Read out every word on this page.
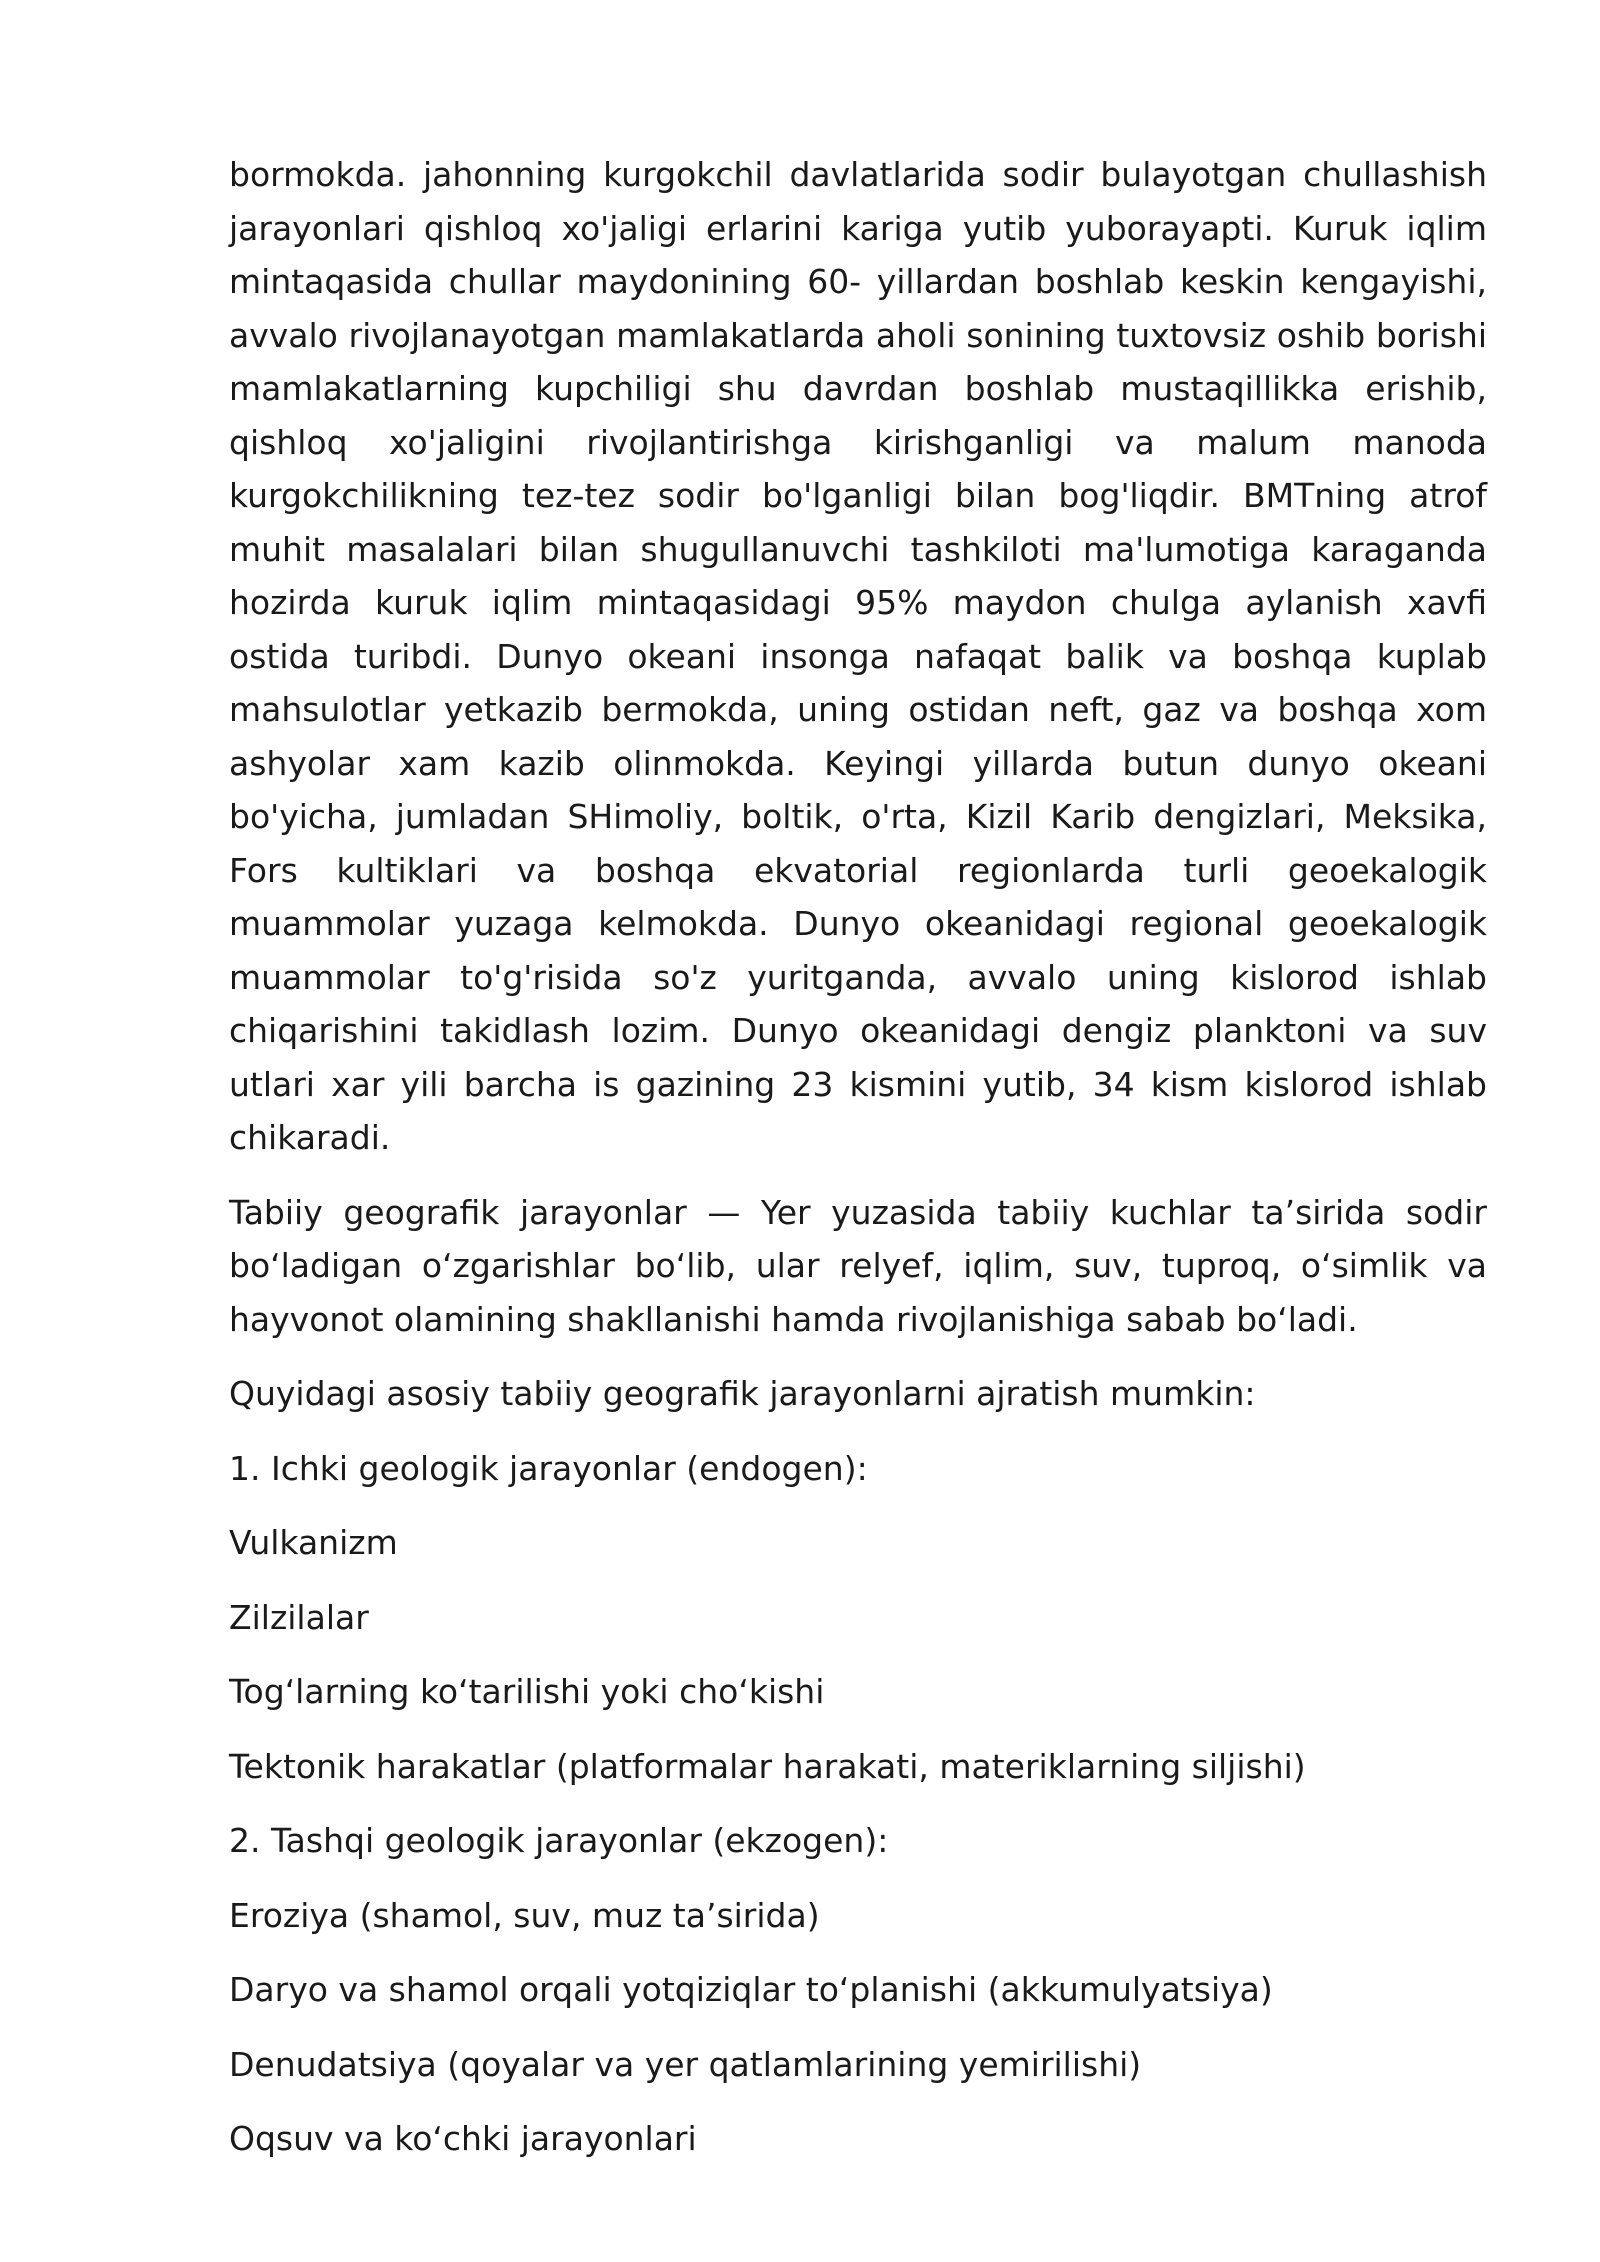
bormokda. jahonning kurgokchil davlatlarida sodir bulayotgan chullashish jarayonlari qishloq xo'jaligi erlarini kariga yutib yuborayapti. Kuruk iqlim mintaqasida chullar maydonining 60- yillardan boshlab keskin kengayishi, avvalo rivojlanayotgan mamlakatlarda aholi sonining tuxtovsiz oshib borishi mamlakatlarning kupchiligi shu davrdan boshlab mustaqillikka erishib, qishloq xo'jaligini rivojlantirishga kirishganligi va malum manoda kurgokchilikning tez-tez sodir bo'lganligi bilan bog'liqdir. BMTning atrof muhit masalalari bilan shugullanuvchi tashkiloti ma'lumotiga karaganda hozirda kuruk iqlim mintaqasidagi 95% maydon chulga aylanish xavfi ostida turibdi. Dunyo okeani insonga nafaqat balik va boshqa kuplab mahsulotlar yetkazib bermokda, uning ostidan neft, gaz va boshqa xom ashyolar xam kazib olinmokda. Keyingi yillarda butun dunyo okeani bo'yicha, jumladan SHimoliy, boltik, o'rta, Kizil Karib dengizlari, Meksika, Fors kultiklari va boshqa ekvatorial regionlarda turli geoekalogik muammolar yuzaga kelmokda. Dunyo okeanidagi regional geoekalogik muammolar to'g'risida so'z yuritganda, avvalo uning kislorod ishlab chiqarishini takidlash lozim. Dunyo okeanidagi dengiz planktoni va suv utlari xar yili barcha is gazining 23 kismini yutib, 34 kism kislorod ishlab chikaradi.

Tabiiy geografik jarayonlar — Yer yuzasida tabiiy kuchlar ta’sirida sodir bo‘ladigan o‘zgarishlar bo‘lib, ular relyef, iqlim, suv, tuproq, o‘simlik va hayvonot olamining shakllanishi hamda rivojlanishiga sabab bo‘ladi.

Quyidagi asosiy tabiiy geografik jarayonlarni ajratish mumkin:

1. Ichki geologik jarayonlar (endogen):

Vulkanizm

Zilzilalar

Tog‘larning ko‘tarilishi yoki cho‘kishi

Tektonik harakatlar (platformalar harakati, materiklarning siljishi)

2. Tashqi geologik jarayonlar (ekzogen):

Eroziya (shamol, suv, muz ta’sirida)

Daryo va shamol orqali yotqiziqlar to‘planishi (akkumulyatsiya)

Denudatsiya (qoyalar va yer qatlamlarining yemirilishi)

Oqsuv va ko‘chki jarayonlari
